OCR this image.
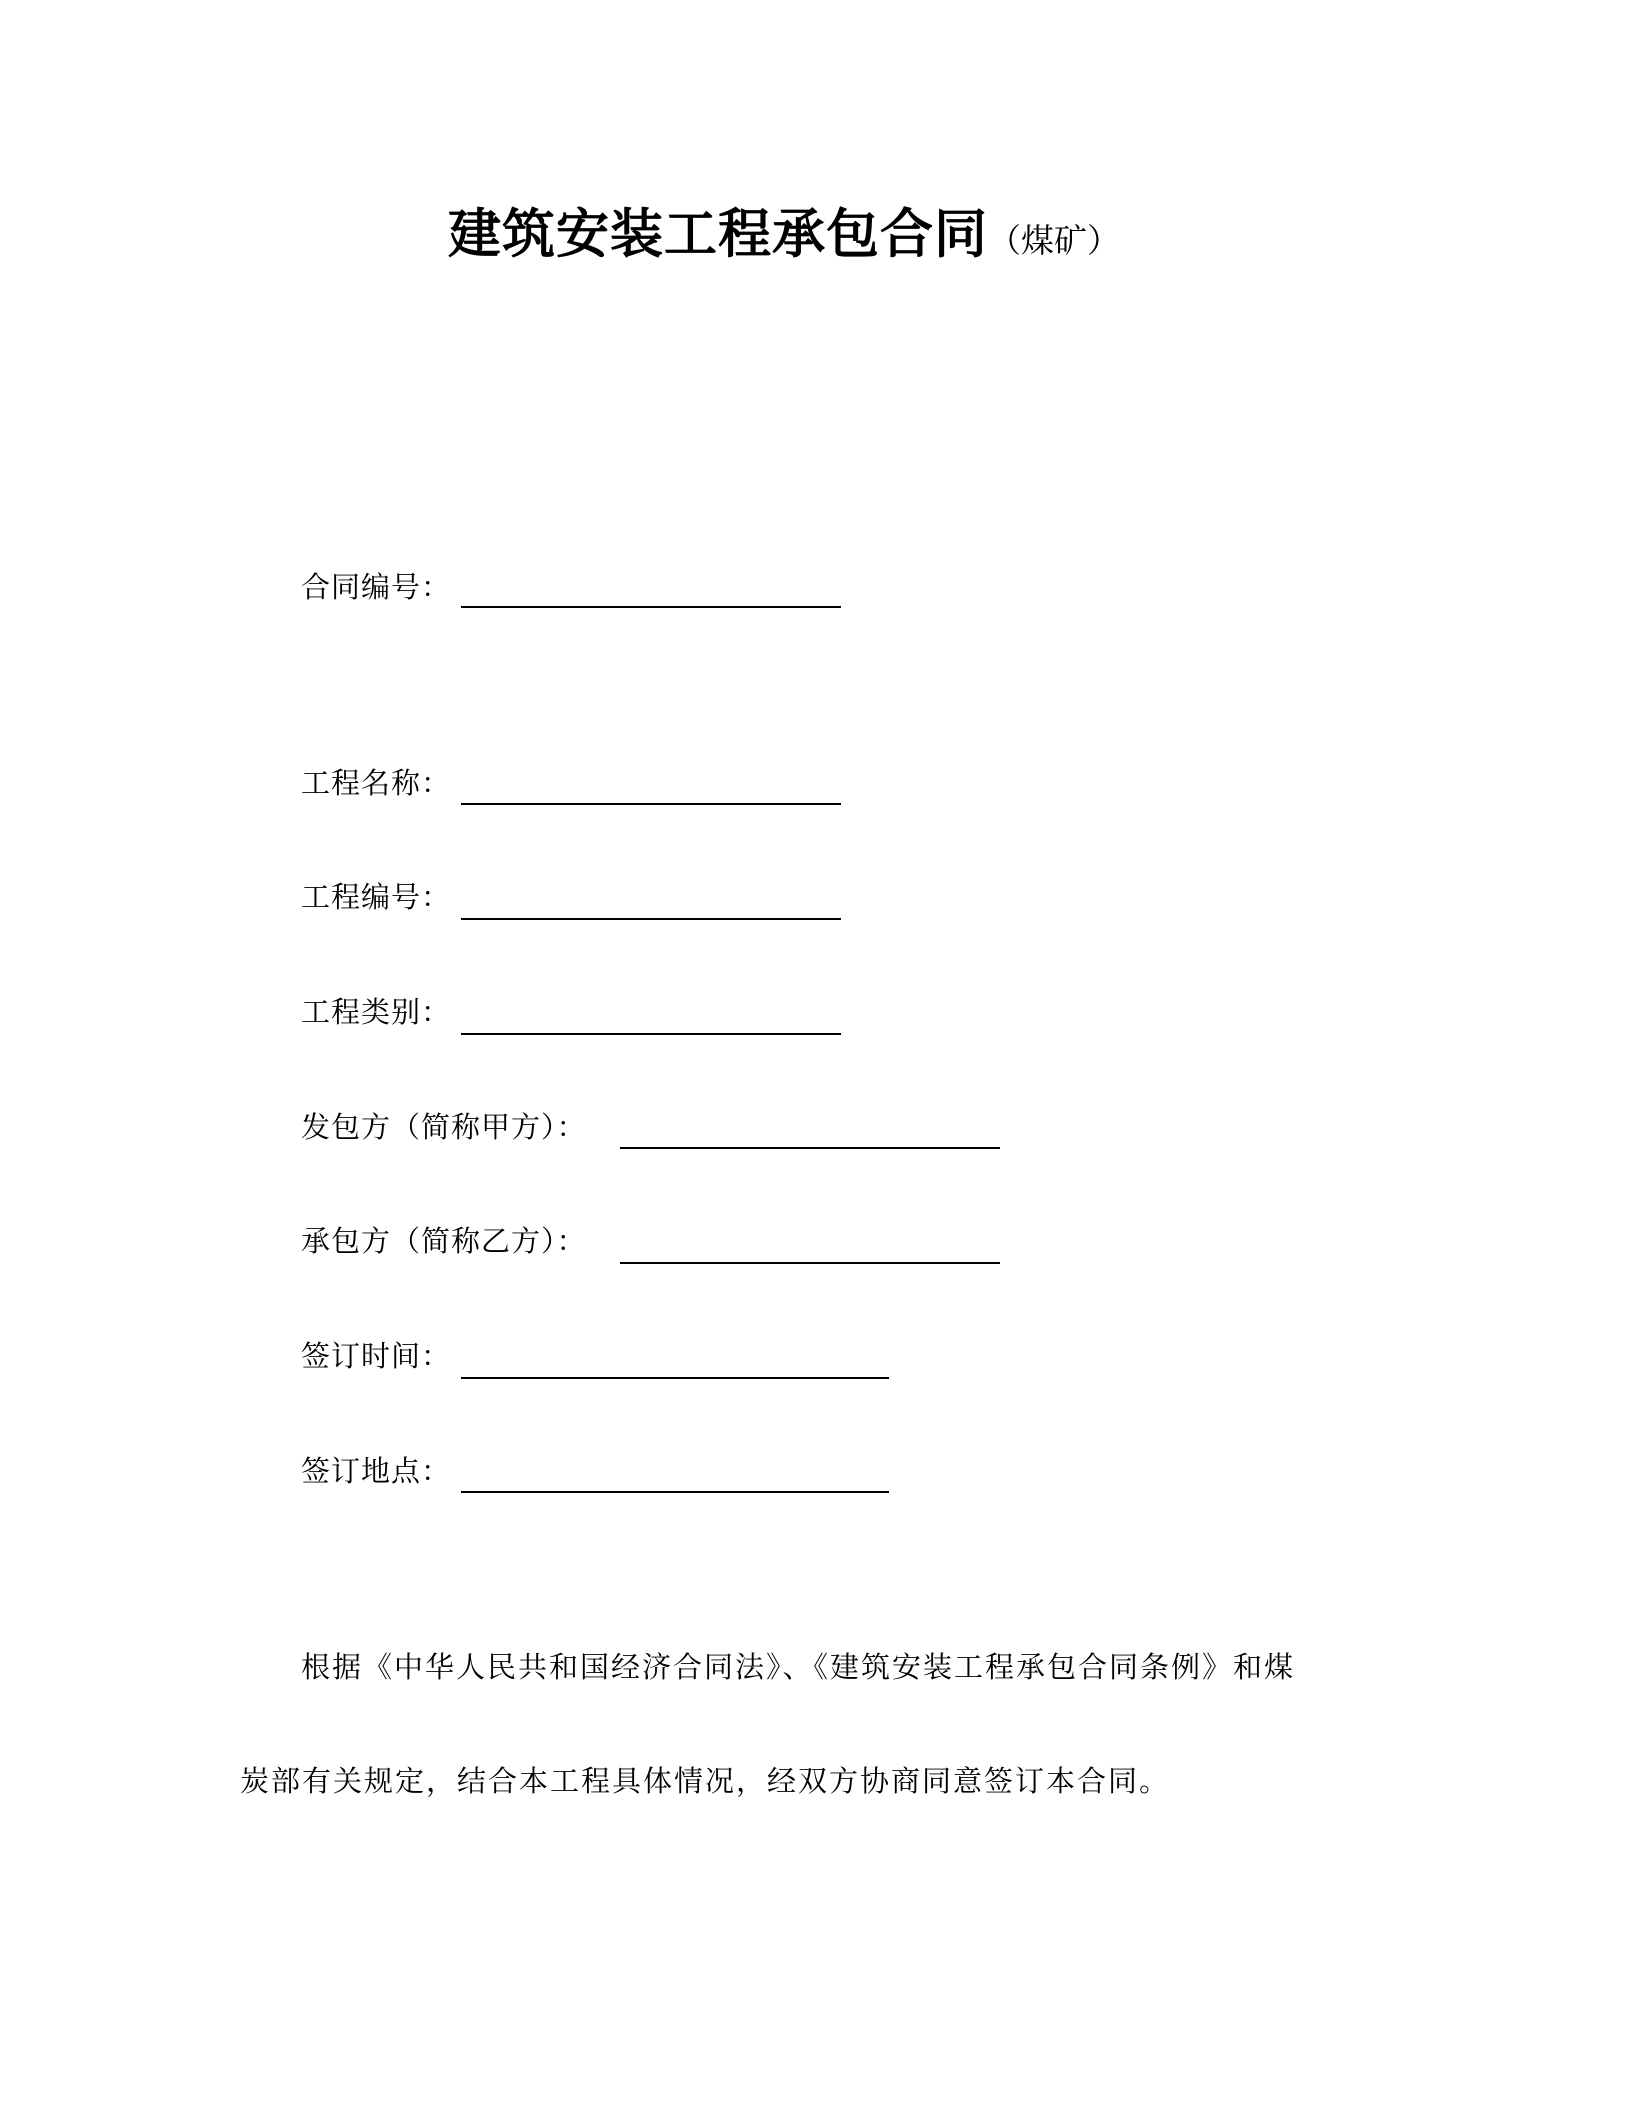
建筑安装工程承包合同（煤矿）
合同编号：
工程名称：
工程编号：
工程类别：
发包方（简称甲方）：
承包方（简称乙方）：
签订时间：
签订地点：
根据《中华人民共和国经济合同法》、《建筑安装工程承包合同条例》和煤
炭部有关规定，结合本工程具体情况，经双方协商同意签订本合同。
